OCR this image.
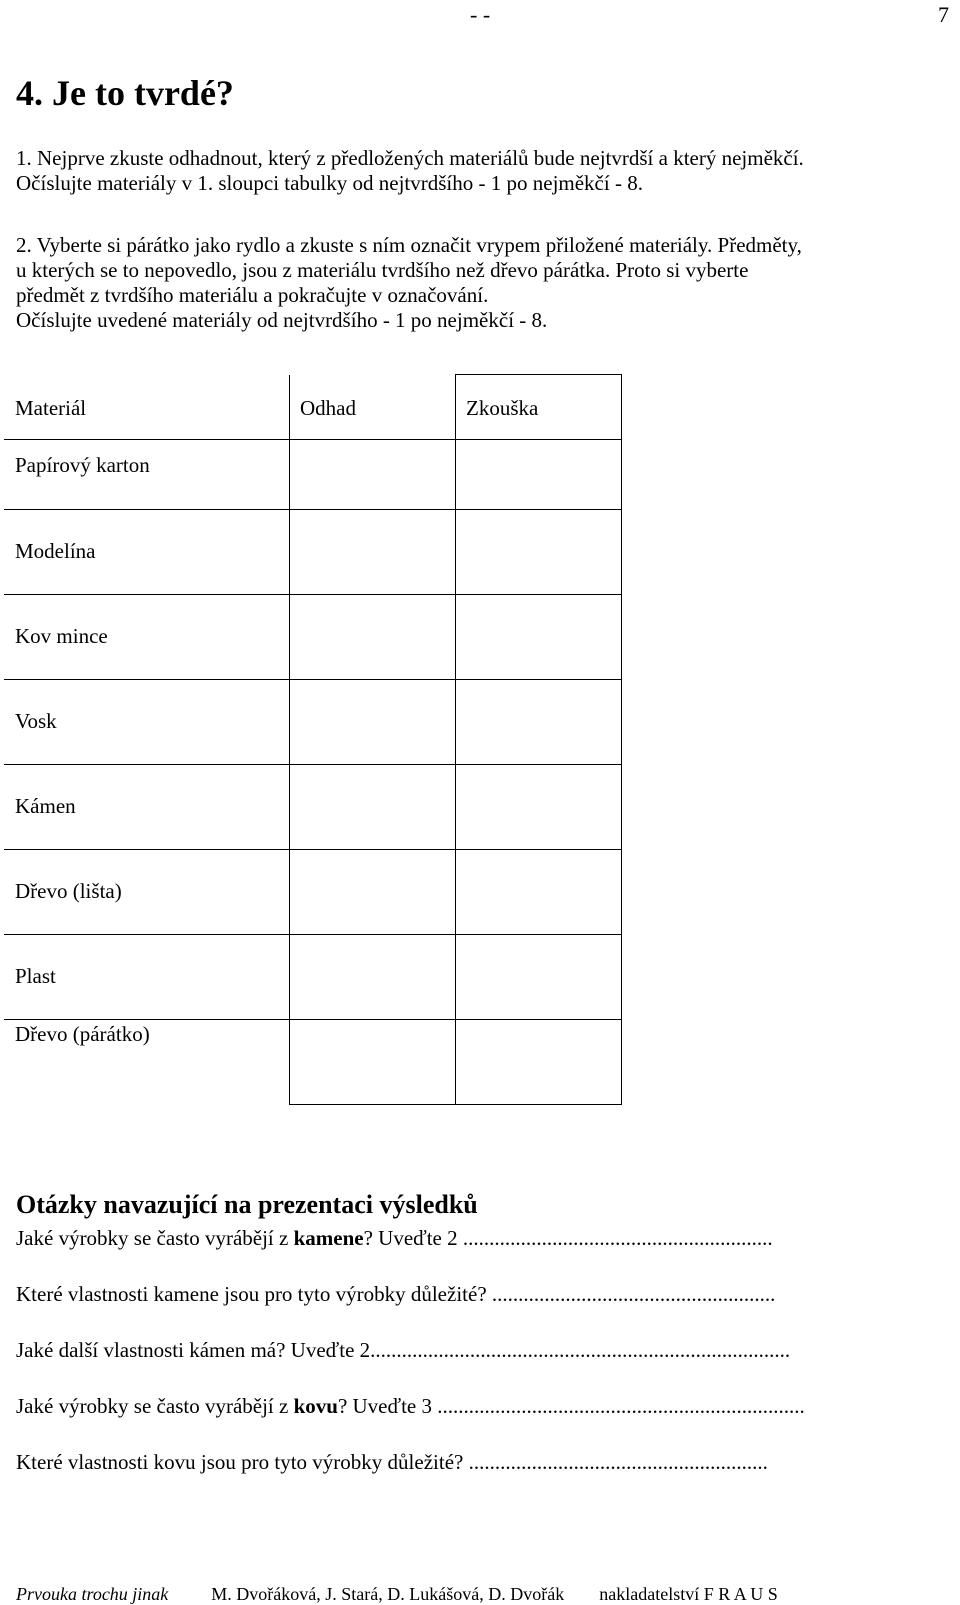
- -	7
4. Je to tvrdé?
1. Nejprve zkuste odhadnout, který z předložených materiálů bude nejtvrdší a který nejměkčí.
Očíslujte materiály v 1. sloupci tabulky od nejtvrdšího - 1 po nejměkčí - 8.
2. Vyberte si párátko jako rydlo a zkuste s ním označit vrypem přiložené materiály. Předměty,
u kterých se to nepovedlo, jsou z materiálu tvrdšího než dřevo párátka. Proto si vyberte
předmět z tvrdšího materiálu a pokračujte v označování.
Očíslujte uvedené materiály od nejtvrdšího - 1 po nejměkčí - 8.
Materiál	Odhad	Zkouška
Papírový karton		
Modelína		
Kov mince		
Vosk		
Kámen		
Dřevo (lišta)		
Plast		
Dřevo (párátko)		
Otázky navazující na prezentaci výsledků
Jaké výrobky se často vyrábějí z kamene? Uveďte 2 ...........................................................
Které vlastnosti kamene jsou pro tyto výrobky důležité? ......................................................
Jaké další vlastnosti kámen má? Uveďte 2................................................................................
Jaké výrobky se často vyrábějí z kovu? Uveďte 3 ......................................................................
Které vlastnosti kovu jsou pro tyto výrobky důležité? .........................................................
Prvouka trochu jinak M. Dvořáková, J. Stará, D. Lukášová, D. Dvořák nakladatelství F R A U S
